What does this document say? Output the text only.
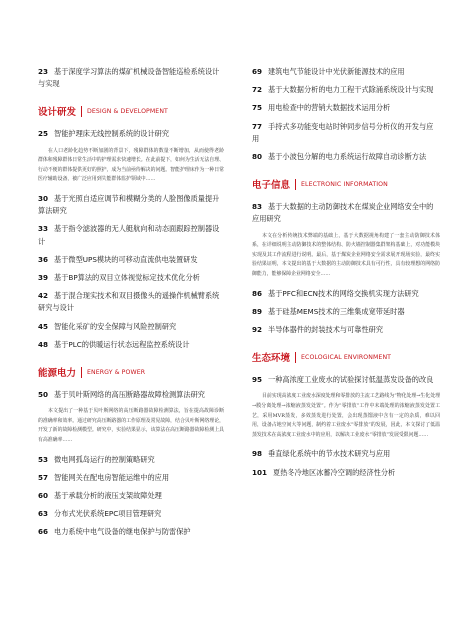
23 基于深度学习算法的煤矿机械设备智能巡检系统设计与实现
设计研发 DESIGN & DEVELOPMENT
25 智能护理床无线控制系统的设计研究
在人口老龄化趋势不断加剧的背景下，残障群体的数量不断增加，从而使得老龄群体和残障群体日常生活中的护理需求快速增长。在此前提下，如何为生活无法自理、行动不便的群体提供更好的照护，成为当前亟待解决的问题。智能护理床作为一种日常医疗辅助设备，被广泛应用到失能群体监护领域中……
30 基于光照自适应调节和模糊分类的人脸图像质量提升算法研究
33 基于指令滤波器的无人艇航向和动态面跟踪控制器设计
36 基于微型UPS模块的可移动直流供电装置研发
39 基于BP算法的双目立体视觉标定技术优化分析
42 基于混合现实技术和双目摄像头的遥操作机械臂系统研究与设计
45 智能化采矿的安全保障与风险控制研究
48 基于PLC的供暖运行状态远程监控系统设计
能源电力 ENERGY & POWER
50 基于贝叶斯网络的高压断路器故障检测算法研究
本文提出了一种基于贝叶斯网络的高压断路器故障检测算法，旨在提高故障诊断的准确率和效率。通过研究高压断路器的工作原理及常见故障，结合贝叶斯网络理论，开发了新的故障检测模型。研究中，实验结果显示，该算法在高压断路器故障检测上具有高准确率……
53 微电网孤岛运行的控制策略研究
57 智能网关在配电房智能运维中的应用
60 基于承载分析的液压支架故障处理
63 分布式光伏系统EPC项目管理研究
66 电力系统中电气设备的继电保护与防雷保护
69 建筑电气节能设计中光伏新能源技术的应用
72 基于大数据分析的电力工程干式除涌系统设计与实现
75 用电检查中的营销大数据技术运用分析
77 手持式多功能变电站时钟同步信号分析仪的开发与应用
80 基于小波包分解的电力系统运行故障自动诊断方法
电子信息 ELECTRONIC INFORMATION
83 基于大数据的主动防御技术在煤炭企业网络安全中的应用研究
本文在分析传统技术弊端的基础上，基于大数据视角构建了一套主动防御技术体系，在详细说明主动防御技术的整体结构、防火墙控制器集群架构基础上，对功能模块实现及其工作流程进行说明。最后，基于煤炭企业网络安全需求展开现场实验，最终实验结果证明，本文提出的基于大数据的主动防御技术具有可行性，具有较理想的网络防御能力，能够保障企业网络安全……
86 基于PFC和ECN技术的网络交换机实现方法研究
89 基于硅基MEMS技术的三维集成宽带延时器
92 半导体器件的封装技术与可靠性研究
生态环境 ECOLOGICAL ENVIRONMENT
95 一种高浓度工业废水的试验探讨低温蒸发设备的改良
目前实现高浓度工业废水深度处理和零排放的主流工艺路线为“物化处理→生化处理→膜分离处理→浓缩液蒸发处置”。作为“零排放”工作中末端处理的浓缩液蒸发处置工艺，采用MVR蒸发，多效蒸发进行处置，会出现蒸馏液中含有一定的杂质，难以回用，设备占地空间大等问题，制约着工业废水“零排放”的发展，因此，本文探讨了低温蒸发技术在高浓度工业废水中的应用，以解决工业废水“零排放”发展受限问题……
98 垂直绿化系统中的节水技术研究与应用
101 夏热冬冷地区冰蓄冷空调的经济性分析
